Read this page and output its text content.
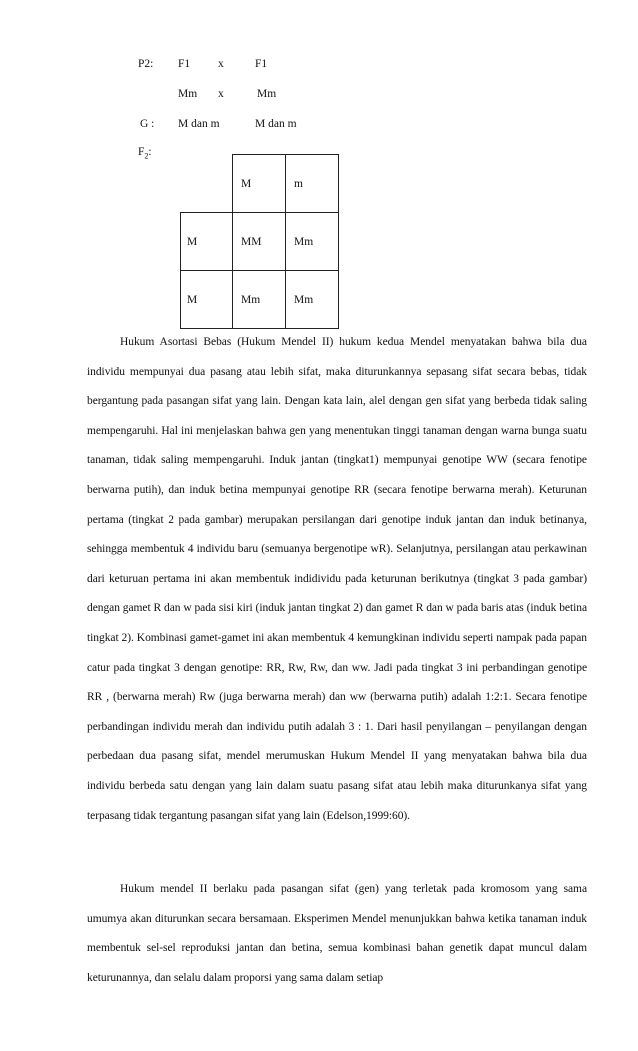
P2: F1 x	F1
Mm x	Mm
G : M dan m	M dan m
$F_2$:
	M	m
M	MM	Mm
M	Mm	Mm
Hukum Asortasi Bebas (Hukum Mendel II) hukum kedua Mendel menyatakan bahwa bila dua individu mempunyai dua pasang atau lebih sifat, maka diturunkannya sepasang sifat secara bebas, tidak bergantung pada pasangan sifat yang lain. Dengan kata lain, alel dengan gen sifat yang berbeda tidak saling mempengaruhi. Hal ini menjelaskan bahwa gen yang menentukan tinggi tanaman dengan warna bunga suatu tanaman, tidak saling mempengaruhi. Induk jantan (tingkat1) mempunyai genotipe WW (secara fenotipe berwarna putih), dan induk betina mempunyai genotipe RR (secara fenotipe berwarna merah). Keturunan pertama (tingkat 2 pada gambar) merupakan persilangan dari genotipe induk jantan dan induk betinanya, sehingga membentuk 4 individu baru (semuanya bergenotipe wR). Selanjutnya, persilangan atau perkawinan dari keturuan pertama ini akan membentuk indidividu pada keturunan berikutnya (tingkat 3 pada gambar) dengan gamet R dan w pada sisi kiri (induk jantan tingkat 2) dan gamet R dan w pada baris atas (induk betina tingkat 2). Kombinasi gamet-gamet ini akan membentuk 4 kemungkinan individu seperti nampak pada papan catur pada tingkat 3 dengan genotipe: RR, Rw, Rw, dan ww. Jadi pada tingkat 3 ini perbandingan genotipe RR , (berwarna merah) Rw (juga berwarna merah) dan ww (berwarna putih) adalah 1:2:1. Secara fenotipe perbandingan individu merah dan individu putih adalah 3 : 1. Dari hasil penyilangan – penyilangan dengan perbedaan dua pasang sifat, mendel merumuskan Hukum Mendel II yang menyatakan bahwa bila dua individu berbeda satu dengan yang lain dalam suatu pasang sifat atau lebih maka diturunkanya sifat yang terpasang tidak tergantung pasangan sifat yang lain (Edelson,1999:60).
Hukum mendel II berlaku pada pasangan sifat (gen) yang terletak pada kromosom yang sama umumya akan diturunkan secara bersamaan. Eksperimen Mendel menunjukkan bahwa ketika tanaman induk membentuk sel-sel reproduksi jantan dan betina, semua kombinasi bahan genetik dapat muncul dalam keturunannya, dan selalu dalam proporsi yang sama dalam setiap
